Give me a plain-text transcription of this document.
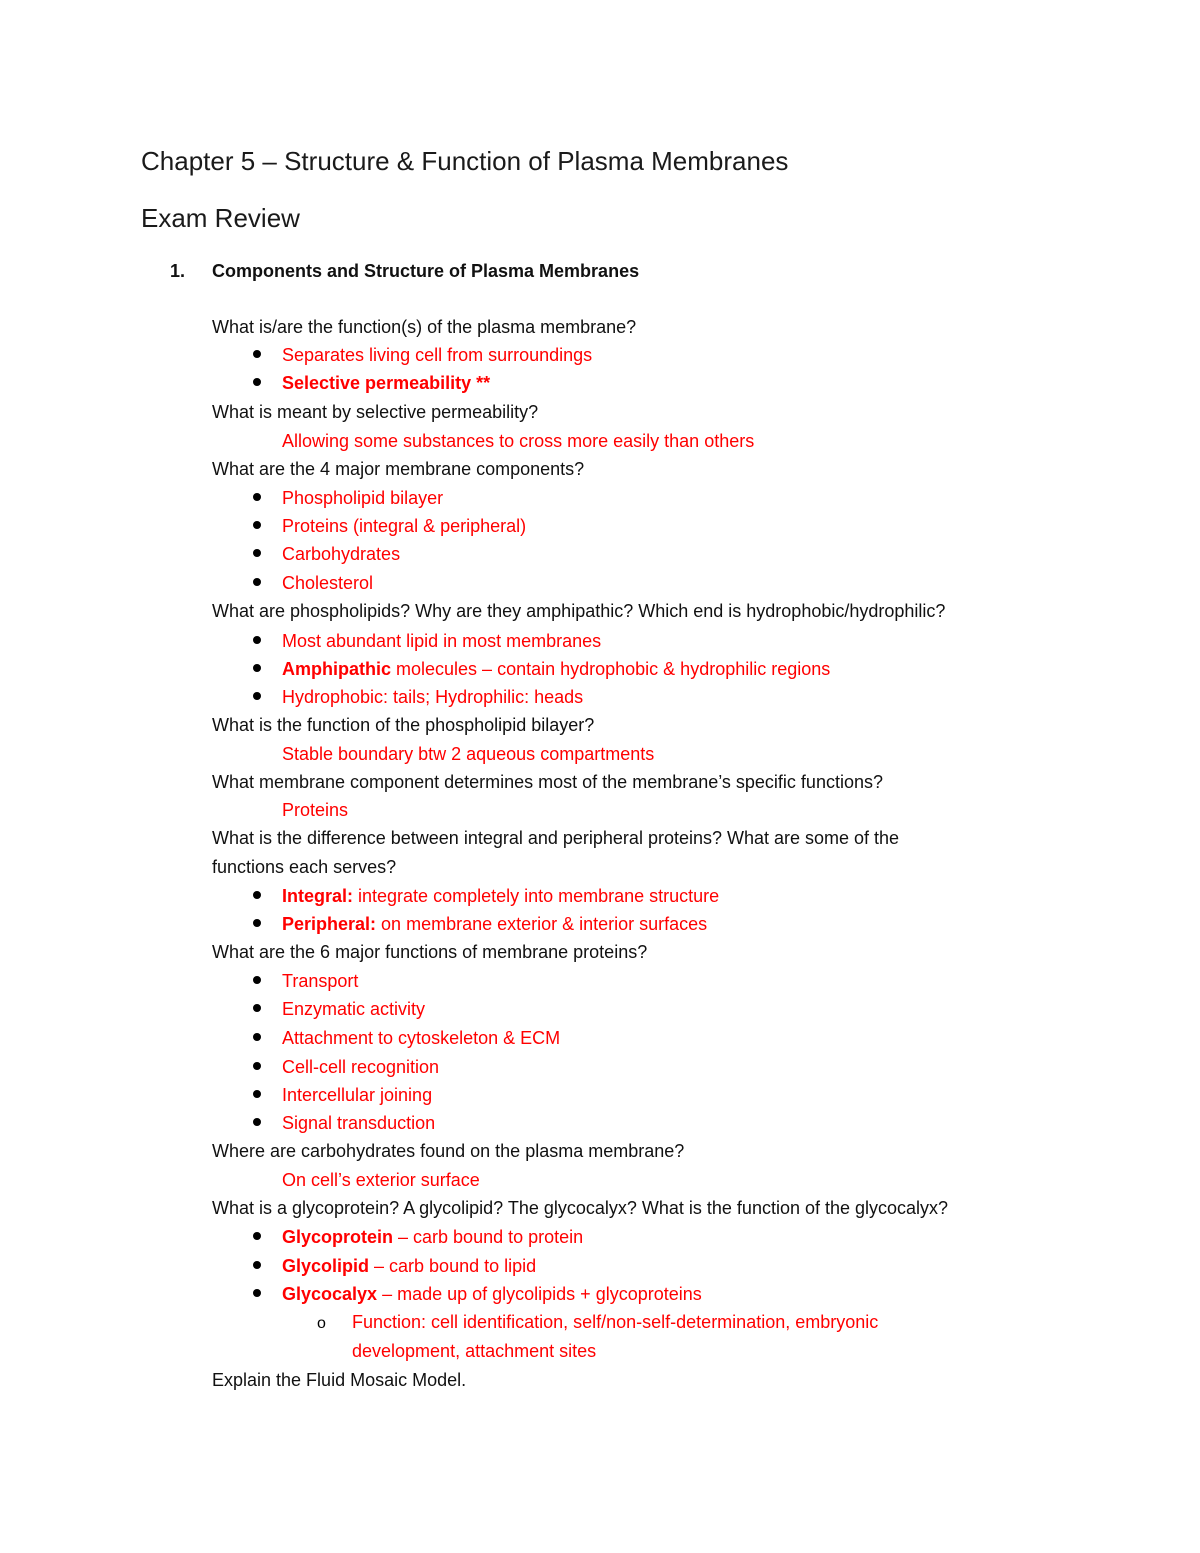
Chapter 5 – Structure & Function of Plasma Membranes
Exam Review
1. Components and Structure of Plasma Membranes
What is/are the function(s) of the plasma membrane?
Separates living cell from surroundings
Selective permeability **
What is meant by selective permeability?
Allowing some substances to cross more easily than others
What are the 4 major membrane components?
Phospholipid bilayer
Proteins (integral & peripheral)
Carbohydrates
Cholesterol
What are phospholipids? Why are they amphipathic? Which end is hydrophobic/hydrophilic?
Most abundant lipid in most membranes
Amphipathic molecules – contain hydrophobic & hydrophilic regions
Hydrophobic: tails; Hydrophilic: heads
What is the function of the phospholipid bilayer?
Stable boundary btw 2 aqueous compartments
What membrane component determines most of the membrane’s specific functions?
Proteins
What is the difference between integral and peripheral proteins? What are some of the
functions each serves?
Integral: integrate completely into membrane structure
Peripheral: on membrane exterior & interior surfaces
What are the 6 major functions of membrane proteins?
Transport
Enzymatic activity
Attachment to cytoskeleton & ECM
Cell-cell recognition
Intercellular joining
Signal transduction
Where are carbohydrates found on the plasma membrane?
On cell’s exterior surface
What is a glycoprotein? A glycolipid? The glycocalyx? What is the function of the glycocalyx?
Glycoprotein – carb bound to protein
Glycolipid – carb bound to lipid
Glycocalyx – made up of glycolipids + glycoproteins
o Function: cell identification, self/non-self-determination, embryonic
development, attachment sites
Explain the Fluid Mosaic Model.
